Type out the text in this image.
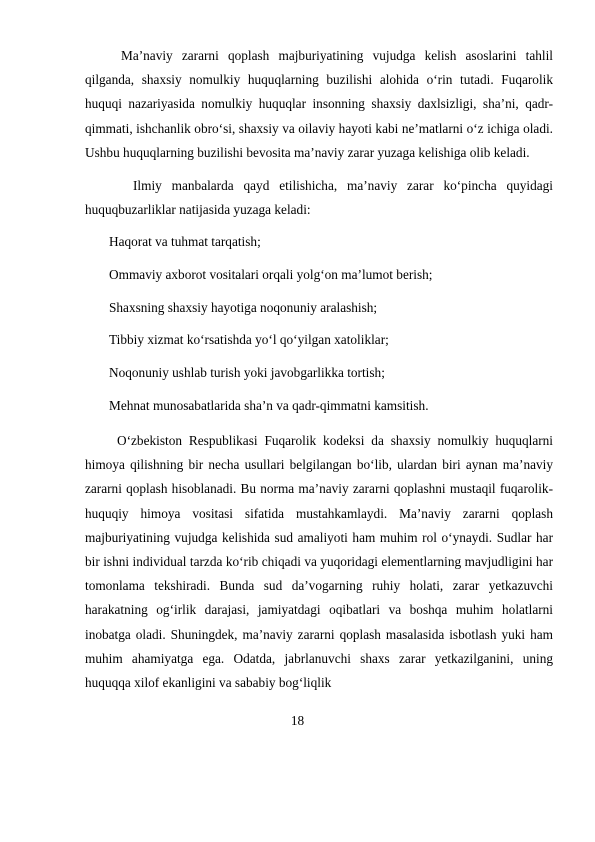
Ma’naviy zararni qoplash majburiyatining vujudga kelish asoslarini tahlil qilganda, shaxsiy nomulkiy huquqlarning buzilishi alohida o‘rin tutadi. Fuqarolik huquqi nazariyasida nomulkiy huquqlar insonning shaxsiy daxlsizligi, sha’ni, qadr-qimmati, ishchanlik obro‘si, shaxsiy va oilaviy hayoti kabi ne’matlarni o‘z ichiga oladi. Ushbu huquqlarning buzilishi bevosita ma’naviy zarar yuzaga kelishiga olib keladi.

Ilmiy manbalarda qayd etilishicha, ma’naviy zarar ko‘pincha quyidagi huquqbuzarliklar natijasida yuzaga keladi:

Haqorat va tuhmat tarqatish;
Ommaviy axborot vositalari orqali yolg‘on ma’lumot berish;
Shaxsning shaxsiy hayotiga noqonuniy aralashish;
Tibbiy xizmat ko‘rsatishda yo‘l qo‘yilgan xatoliklar;
Noqonuniy ushlab turish yoki javobgarlikka tortish;
Mehnat munosabatlarida sha’n va qadr-qimmatni kamsitish.

O‘zbekiston Respublikasi Fuqarolik kodeksi da shaxsiy nomulkiy huquqlarni himoya qilishning bir necha usullari belgilangan bo‘lib, ulardan biri aynan ma’naviy zararni qoplash hisoblanadi. Bu norma ma’naviy zararni qoplashni mustaqil fuqarolik-huquqiy himoya vositasi sifatida mustahkamlaydi. Ma’naviy zararni qoplash majburiyatining vujudga kelishida sud amaliyoti ham muhim rol o‘ynaydi. Sudlar har bir ishni individual tarzda ko‘rib chiqadi va yuqoridagi elementlarning mavjudligini har tomonlama tekshiradi. Bunda sud da’vogarning ruhiy holati, zarar yetkazuvchi harakatning og‘irlik darajasi, jamiyatdagi oqibatlari va boshqa muhim holatlarni inobatga oladi. Shuningdek, ma’naviy zararni qoplash masalasida isbotlash yuki ham muhim ahamiyatga ega. Odatda, jabrlanuvchi shaxs zarar yetkazilganini, uning huquqqa xilof ekanligini va sababiy bog‘liqlik

18
